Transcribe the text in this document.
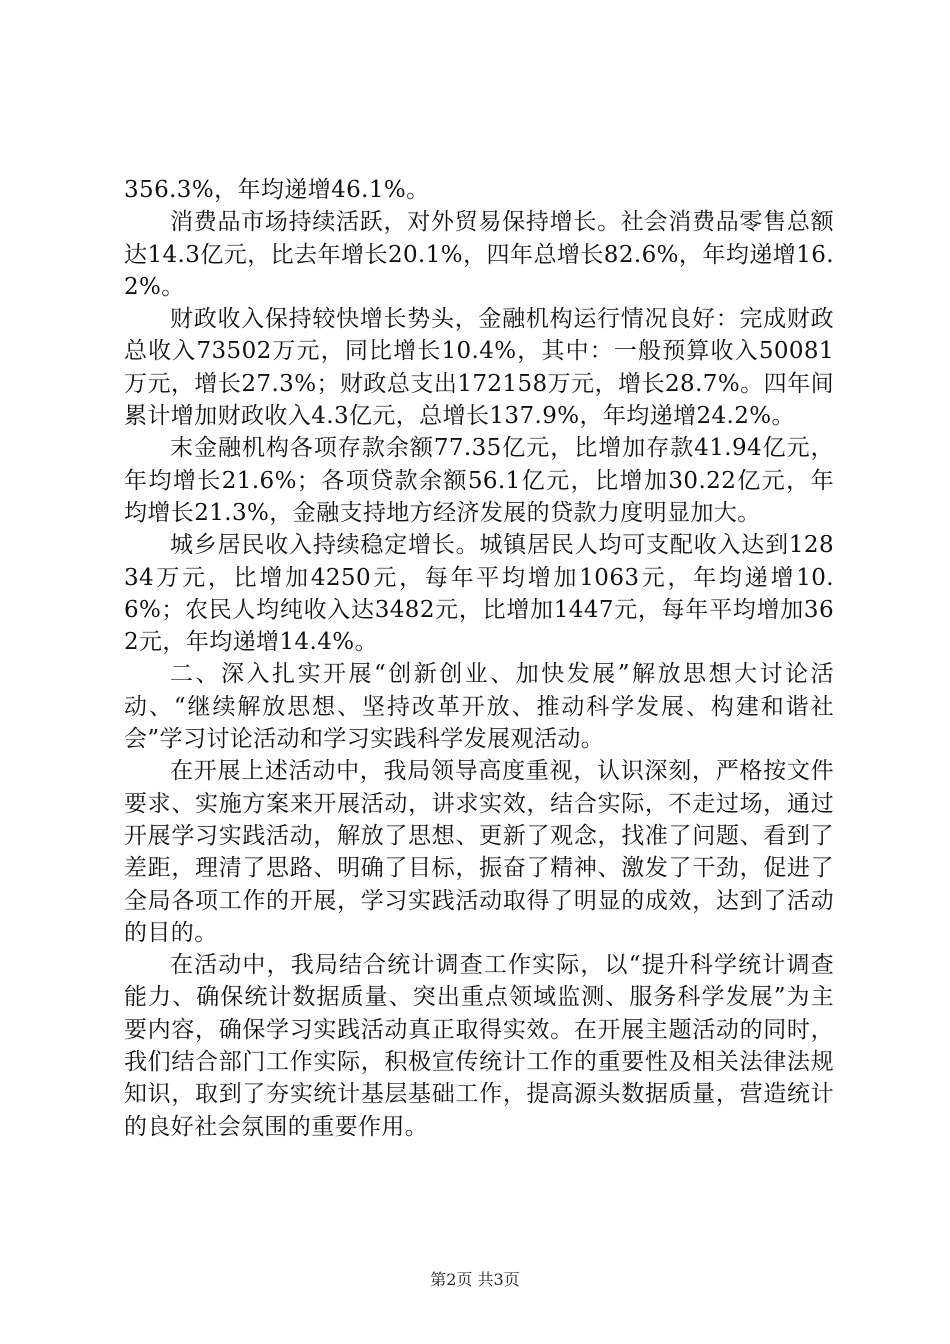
356.3%，年均递增46.1%。

消费品市场持续活跃，对外贸易保持增长。社会消费品零售总额达14.3亿元，比去年增长20.1%，四年总增长82.6%，年均递增16.2%。

财政收入保持较快增长势头，金融机构运行情况良好：完成财政总收入73502万元，同比增长10.4%，其中：一般预算收入50081万元，增长27.3%；财政总支出172158万元，增长28.7%。四年间累计增加财政收入4.3亿元，总增长137.9%，年均递增24.2%。

末金融机构各项存款余额77.35亿元，比增加存款41.94亿元，年均增长21.6%；各项贷款余额56.1亿元，比增加30.22亿元，年均增长21.3%，金融支持地方经济发展的贷款力度明显加大。

城乡居民收入持续稳定增长。城镇居民人均可支配收入达到12834万元，比增加4250元，每年平均增加1063元，年均递增10.6%；农民人均纯收入达3482元，比增加1447元，每年平均增加362元，年均递增14.4%。

二、深入扎实开展“创新创业、加快发展”解放思想大讨论活动、“继续解放思想、坚持改革开放、推动科学发展、构建和谐社会”学习讨论活动和学习实践科学发展观活动。

在开展上述活动中，我局领导高度重视，认识深刻，严格按文件要求、实施方案来开展活动，讲求实效，结合实际，不走过场，通过开展学习实践活动，解放了思想、更新了观念，找准了问题、看到了差距，理清了思路、明确了目标，振奋了精神、激发了干劲，促进了全局各项工作的开展，学习实践活动取得了明显的成效，达到了活动的目的。

在活动中，我局结合统计调查工作实际，以“提升科学统计调查能力、确保统计数据质量、突出重点领域监测、服务科学发展”为主要内容，确保学习实践活动真正取得实效。在开展主题活动的同时，我们结合部门工作实际，积极宣传统计工作的重要性及相关法律法规知识，取到了夯实统计基层基础工作，提高源头数据质量，营造统计的良好社会氛围的重要作用。

第2页 共3页
